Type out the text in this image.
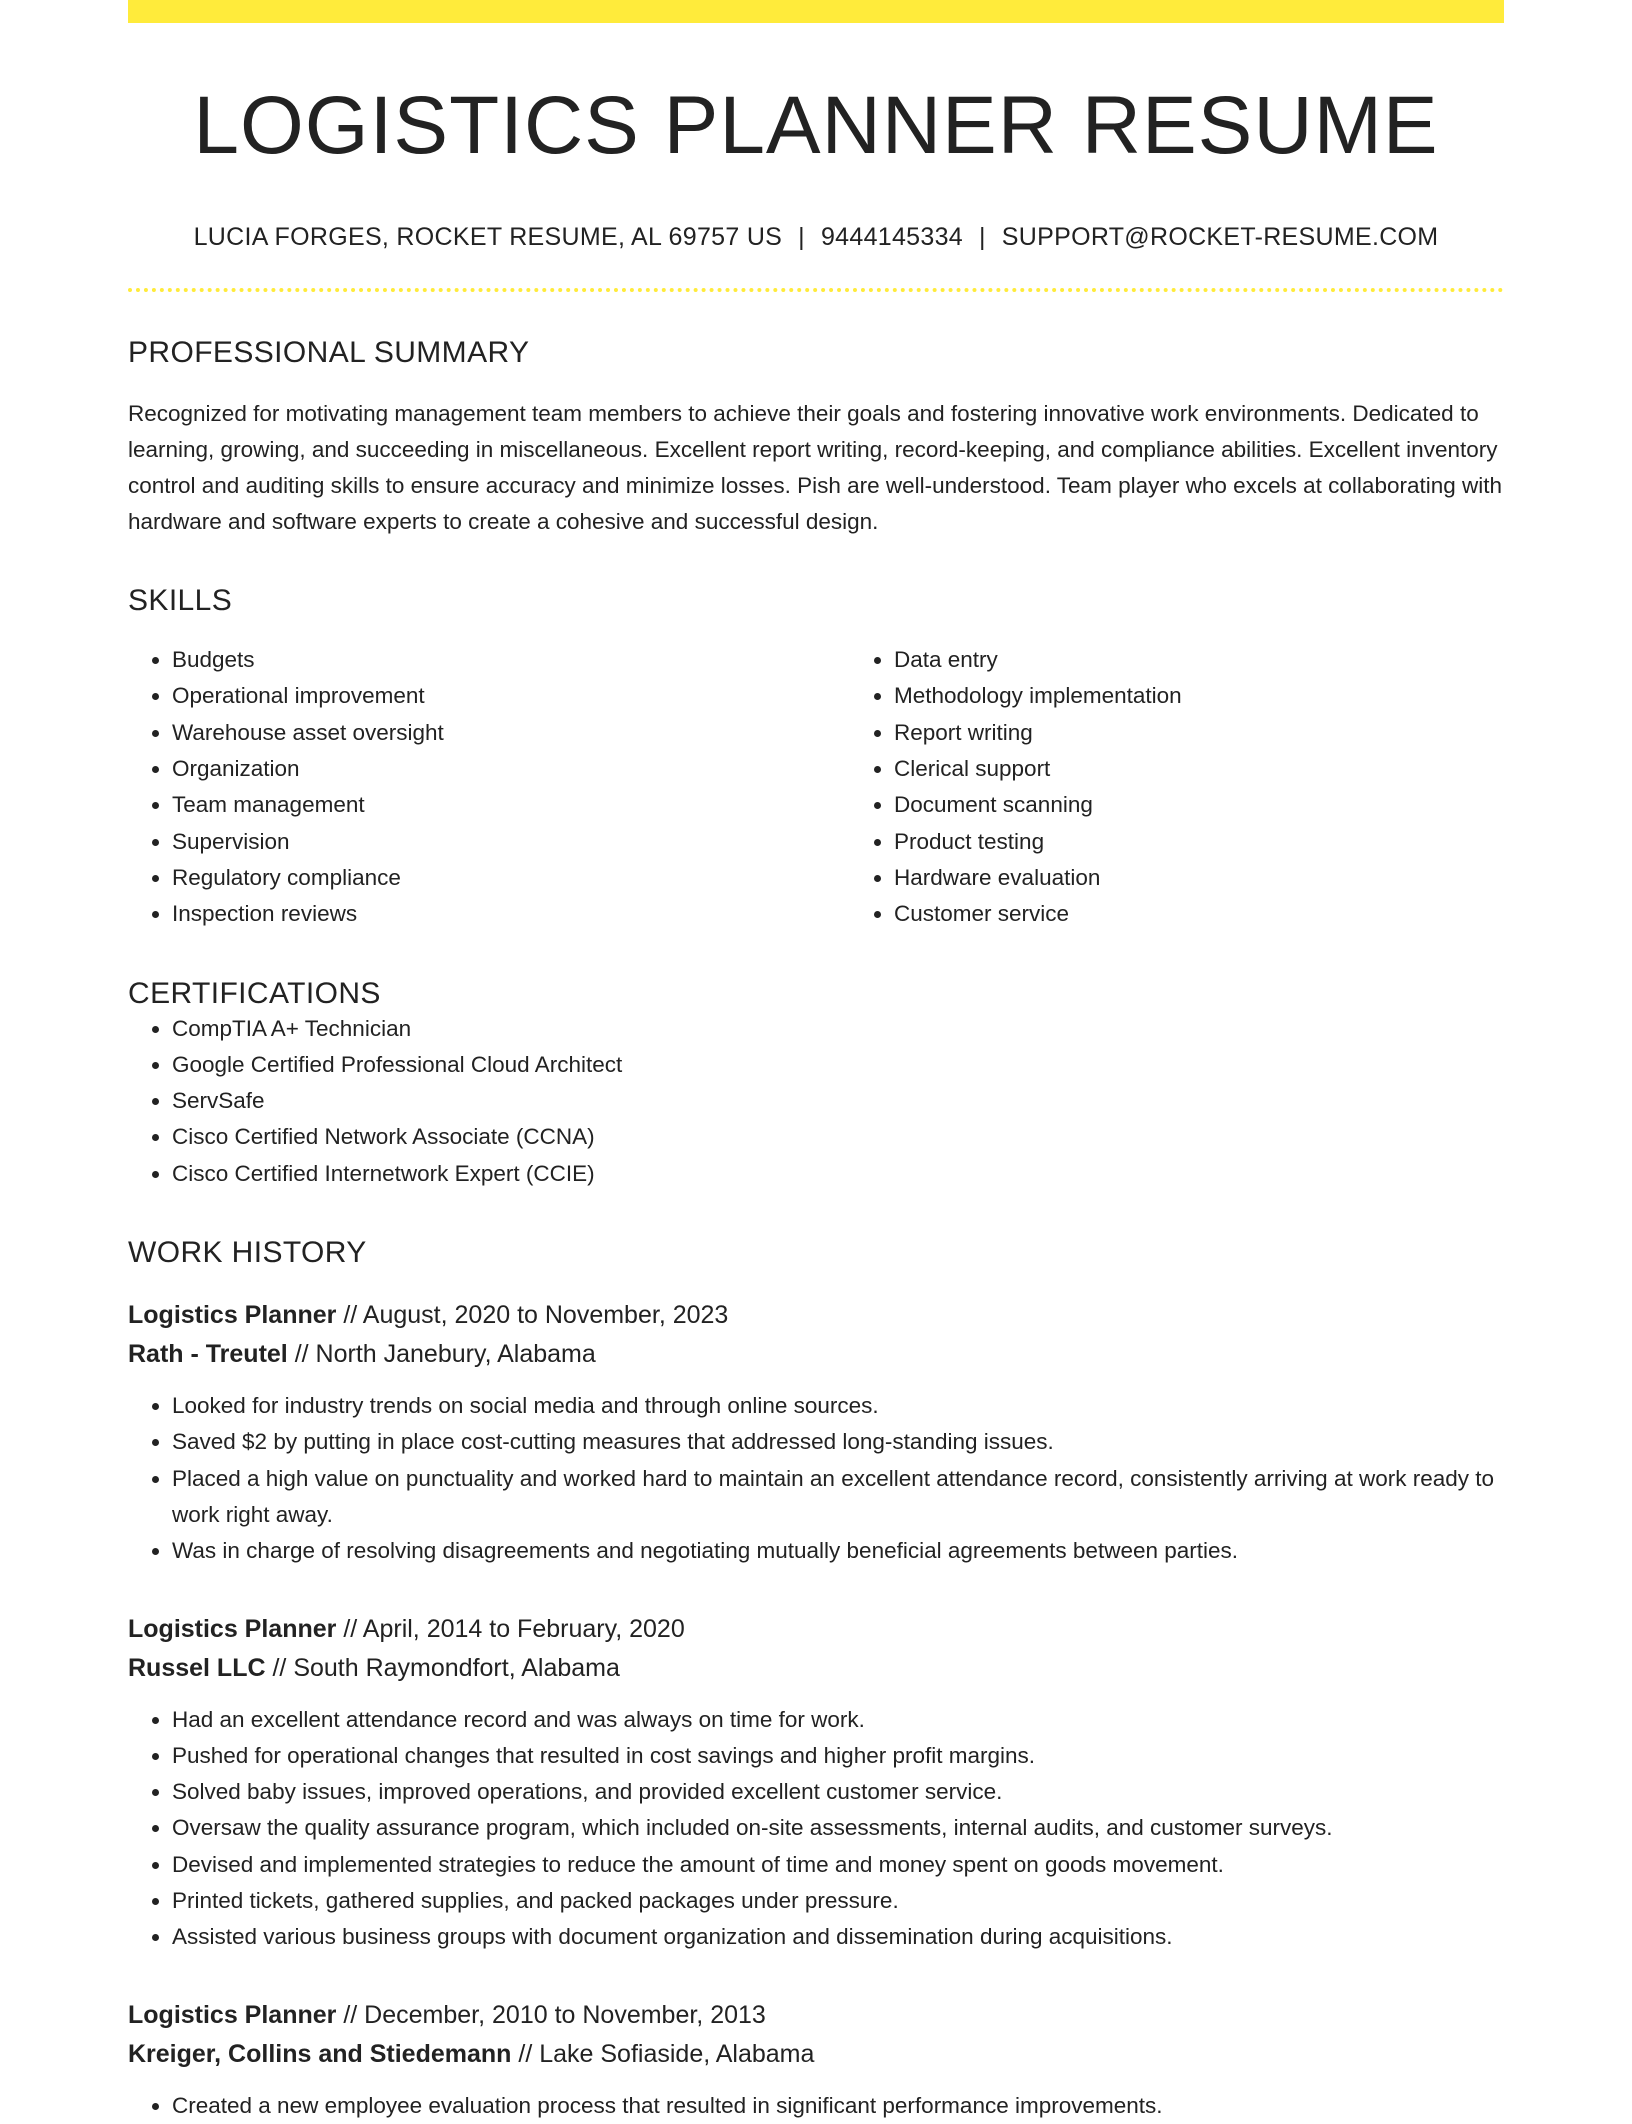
LOGISTICS PLANNER RESUME
LUCIA FORGES, ROCKET RESUME, AL 69757 US | 9444145334 | SUPPORT@ROCKET-RESUME.COM
PROFESSIONAL SUMMARY
Recognized for motivating management team members to achieve their goals and fostering innovative work environments. Dedicated to learning, growing, and succeeding in miscellaneous. Excellent report writing, record-keeping, and compliance abilities. Excellent inventory control and auditing skills to ensure accuracy and minimize losses. Pish are well-understood. Team player who excels at collaborating with hardware and software experts to create a cohesive and successful design.
SKILLS
• Budgets
• Operational improvement
• Warehouse asset oversight
• Organization
• Team management
• Supervision
• Regulatory compliance
• Inspection reviews
• Data entry
• Methodology implementation
• Report writing
• Clerical support
• Document scanning
• Product testing
• Hardware evaluation
• Customer service
CERTIFICATIONS
• CompTIA A+ Technician
• Google Certified Professional Cloud Architect
• ServSafe
• Cisco Certified Network Associate (CCNA)
• Cisco Certified Internetwork Expert (CCIE)
WORK HISTORY
Logistics Planner // August, 2020 to November, 2023
Rath - Treutel // North Janebury, Alabama
• Looked for industry trends on social media and through online sources.
• Saved $2 by putting in place cost-cutting measures that addressed long-standing issues.
• Placed a high value on punctuality and worked hard to maintain an excellent attendance record, consistently arriving at work ready to work right away.
• Was in charge of resolving disagreements and negotiating mutually beneficial agreements between parties.
Logistics Planner // April, 2014 to February, 2020
Russel LLC // South Raymondfort, Alabama
• Had an excellent attendance record and was always on time for work.
• Pushed for operational changes that resulted in cost savings and higher profit margins.
• Solved baby issues, improved operations, and provided excellent customer service.
• Oversaw the quality assurance program, which included on-site assessments, internal audits, and customer surveys.
• Devised and implemented strategies to reduce the amount of time and money spent on goods movement.
• Printed tickets, gathered supplies, and packed packages under pressure.
• Assisted various business groups with document organization and dissemination during acquisitions.
Logistics Planner // December, 2010 to November, 2013
Kreiger, Collins and Stiedemann // Lake Sofiaside, Alabama
• Created a new employee evaluation process that resulted in significant performance improvements.
